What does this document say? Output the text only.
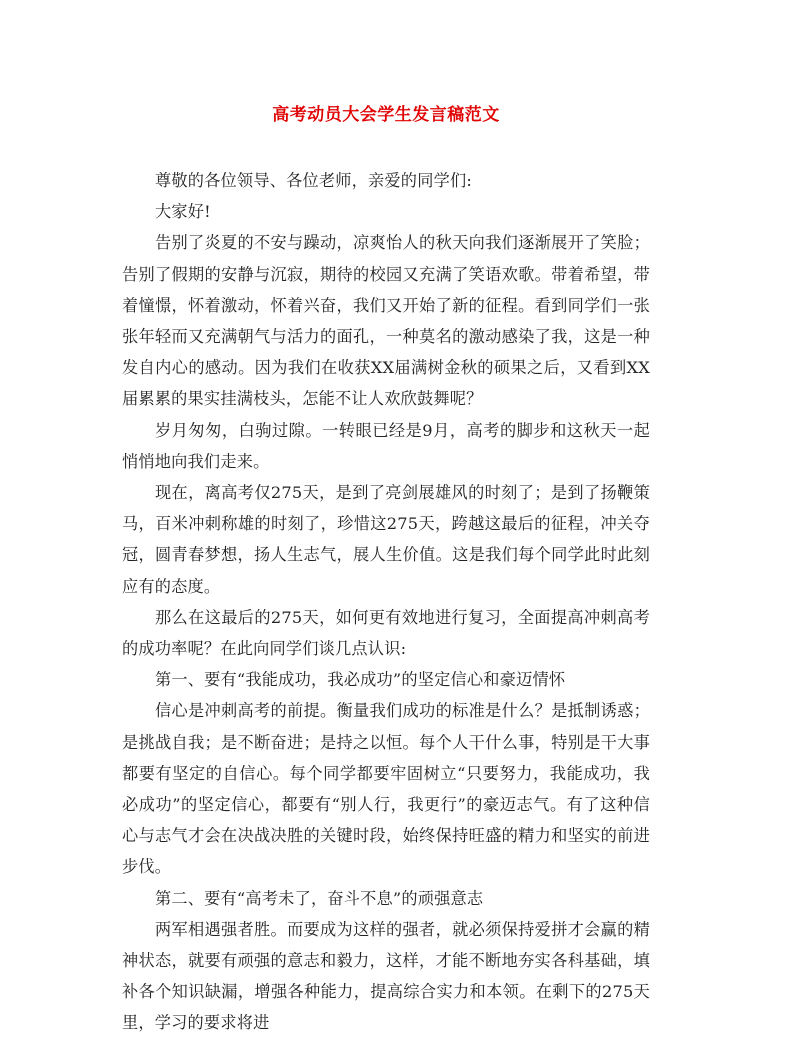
高考动员大会学生发言稿范文

尊敬的各位领导、各位老师，亲爱的同学们:

大家好!

告别了炎夏的不安与躁动，凉爽怡人的秋天向我们逐渐展开了笑脸；告别了假期的安静与沉寂，期待的校园又充满了笑语欢歌。带着希望，带着憧憬，怀着激动，怀着兴奋，我们又开始了新的征程。看到同学们一张张年轻而又充满朝气与活力的面孔，一种莫名的激动感染了我，这是一种发自内心的感动。因为我们在收获XX届满树金秋的硕果之后，又看到XX届累累的果实挂满枝头，怎能不让人欢欣鼓舞呢？

岁月匆匆，白驹过隙。一转眼已经是9月，高考的脚步和这秋天一起悄悄地向我们走来。

现在，离高考仅275天，是到了亮剑展雄风的时刻了；是到了扬鞭策马，百米冲刺称雄的时刻了，珍惜这275天，跨越这最后的征程，冲关夺冠，圆青春梦想，扬人生志气，展人生价值。这是我们每个同学此时此刻应有的态度。

那么在这最后的275天，如何更有效地进行复习，全面提高冲刺高考的成功率呢？在此向同学们谈几点认识:

第一、要有“我能成功，我必成功”的坚定信心和豪迈情怀

信心是冲刺高考的前提。衡量我们成功的标准是什么？是抵制诱惑；是挑战自我；是不断奋进；是持之以恒。每个人干什么事，特别是干大事都要有坚定的自信心。每个同学都要牢固树立“只要努力，我能成功，我必成功”的坚定信心，都要有“别人行，我更行”的豪迈志气。有了这种信心与志气才会在决战决胜的关键时段，始终保持旺盛的精力和坚实的前进步伐。

第二、要有“高考未了，奋斗不息”的顽强意志

两军相遇强者胜。而要成为这样的强者，就必须保持爱拼才会赢的精神状态，就要有顽强的意志和毅力，这样，才能不断地夯实各科基础，填补各个知识缺漏，增强各种能力，提高综合实力和本领。在剩下的275天里，学习的要求将进
